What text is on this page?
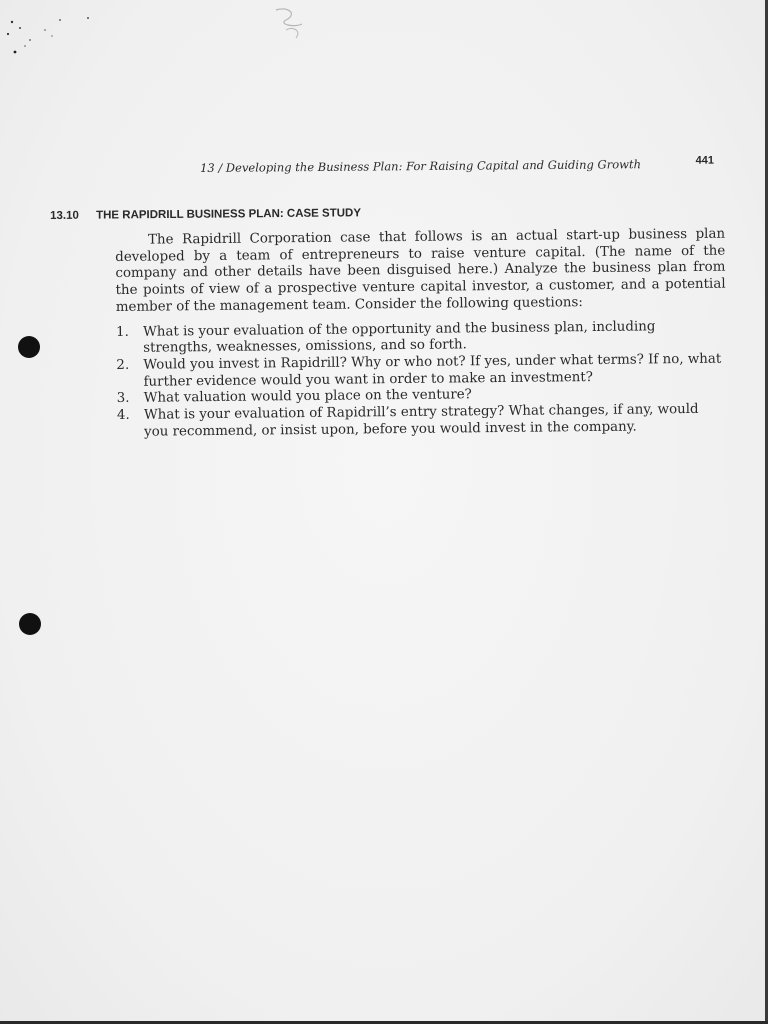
13 / Developing the Business Plan: For Raising Capital and Guiding Growth	441
13.10 THE RAPIDRILL BUSINESS PLAN: CASE STUDY

The Rapidrill Corporation case that follows is an actual start-up business plan developed by a team of entrepreneurs to raise venture capital. (The name of the company and other details have been disguised here.) Analyze the business plan from the points of view of a prospective venture capital investor, a customer, and a potential member of the management team. Consider the following questions:

1. What is your evaluation of the opportunity and the business plan, including strengths, weaknesses, omissions, and so forth.
2. Would you invest in Rapidrill? Why or who not? If yes, under what terms? If no, what further evidence would you want in order to make an investment?
3. What valuation would you place on the venture?
4. What is your evaluation of Rapidrill’s entry strategy? What changes, if any, would you recommend, or insist upon, before you would invest in the company.
